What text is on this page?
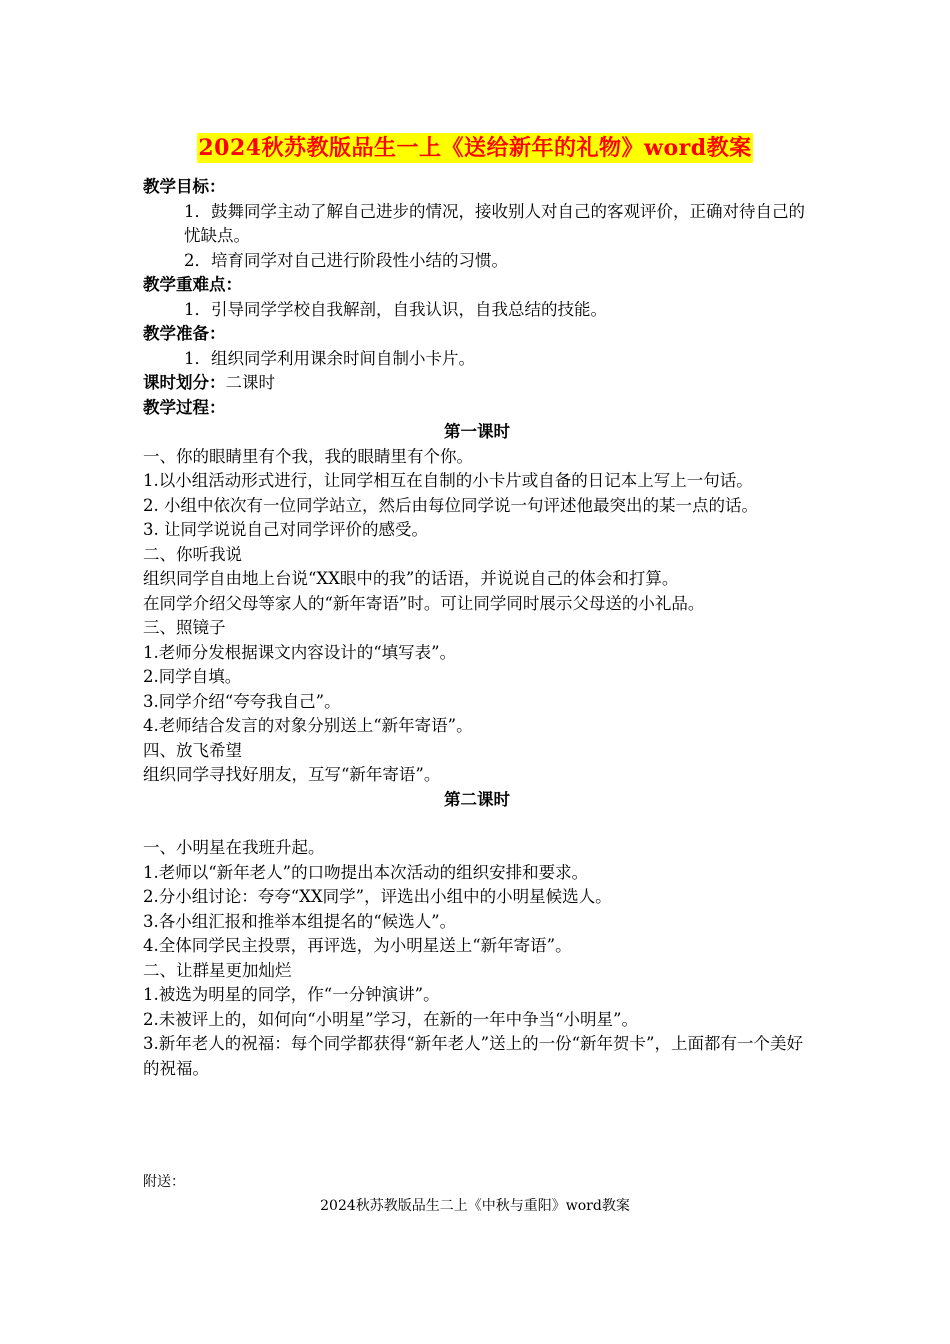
2024秋苏教版品生一上《送给新年的礼物》word教案

教学目标：

1．鼓舞同学主动了解自己进步的情况，接收别人对自己的客观评价，正确对待自己的忧缺点。

2．培育同学对自己进行阶段性小结的习惯。

教学重难点：

1．引导同学学校自我解剖，自我认识，自我总结的技能。

教学准备：

1．组织同学利用课余时间自制小卡片。

课时划分：二课时

教学过程：

第一课时

一、你的眼睛里有个我，我的眼睛里有个你。

1.以小组活动形式进行，让同学相互在自制的小卡片或自备的日记本上写上一句话。

2. 小组中依次有一位同学站立，然后由每位同学说一句评述他最突出的某一点的话。

3. 让同学说说自己对同学评价的感受。

二、你听我说

组织同学自由地上台说“XX眼中的我”的话语，并说说自己的体会和打算。

在同学介绍父母等家人的“新年寄语”时。可让同学同时展示父母送的小礼品。

三、照镜子

1.老师分发根据课文内容设计的“填写表”。

2.同学自填。

3.同学介绍“夸夸我自己”。

4.老师结合发言的对象分别送上“新年寄语”。

四、放飞希望

组织同学寻找好朋友，互写“新年寄语”。

第二课时

一、小明星在我班升起。

1.老师以“新年老人”的口吻提出本次活动的组织安排和要求。

2.分小组讨论：夸夸“XX同学”，评选出小组中的小明星候选人。

3.各小组汇报和推举本组提名的“候选人”。

4.全体同学民主投票，再评选，为小明星送上“新年寄语”。

二、让群星更加灿烂

1.被选为明星的同学，作“一分钟演讲”。

2.未被评上的，如何向“小明星”学习，在新的一年中争当“小明星”。

3.新年老人的祝福：每个同学都获得“新年老人”送上的一份“新年贺卡”，上面都有一个美好的祝福。

附送：
2024秋苏教版品生二上《中秋与重阳》word教案
